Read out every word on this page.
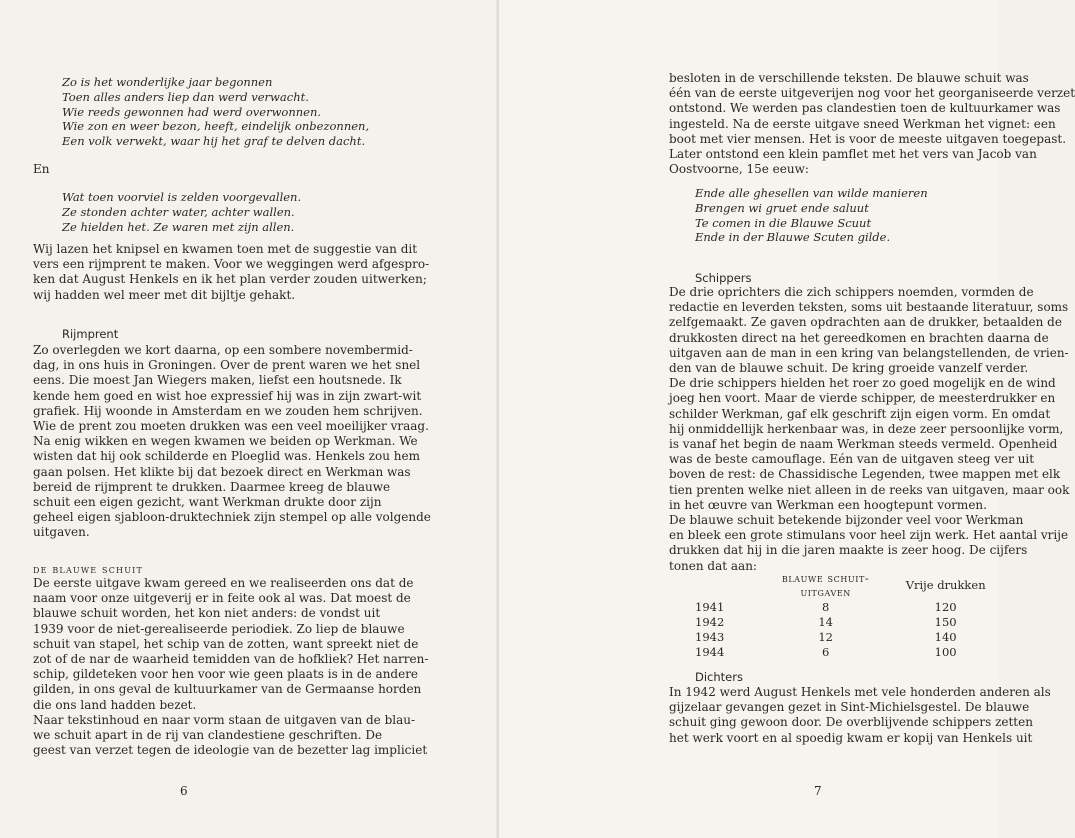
Zo is het wonderlijke jaar begonnen
Toen alles anders liep dan werd verwacht.
Wie reeds gewonnen had werd overwonnen.
Wie zon en weer bezon, heeft, eindelijk onbezonnen,
Een volk verwekt, waar hij het graf te delven dacht.
En
Wat toen voorviel is zelden voorgevallen.
Ze stonden achter water, achter wallen.
Ze hielden het. Ze waren met zijn allen.
Wij lazen het knipsel en kwamen toen met de suggestie van dit
vers een rijmprent te maken. Voor we weggingen werd afgespro-
ken dat August Henkels en ik het plan verder zouden uitwerken;
wij hadden wel meer met dit bijltje gehakt.
Rijmprent
Zo overlegden we kort daarna, op een sombere novembermid-
dag, in ons huis in Groningen. Over de prent waren we het snel
eens. Die moest Jan Wiegers maken, liefst een houtsnede. Ik
kende hem goed en wist hoe expressief hij was in zijn zwart-wit
grafiek. Hij woonde in Amsterdam en we zouden hem schrijven.
Wie de prent zou moeten drukken was een veel moeilijker vraag.
Na enig wikken en wegen kwamen we beiden op Werkman. We
wisten dat hij ook schilderde en Ploeglid was. Henkels zou hem
gaan polsen. Het klikte bij dat bezoek direct en Werkman was
bereid de rijmprent te drukken. Daarmee kreeg de blauwe
schuit een eigen gezicht, want Werkman drukte door zijn
geheel eigen sjabloon-druktechniek zijn stempel op alle volgende
uitgaven.
de blauwe schuit
De eerste uitgave kwam gereed en we realiseerden ons dat de
naam voor onze uitgeverij er in feite ook al was. Dat moest de
blauwe schuit worden, het kon niet anders: de vondst uit
1939 voor de niet-gerealiseerde periodiek. Zo liep de blauwe
schuit van stapel, het schip van de zotten, want spreekt niet de
zot of de nar de waarheid temidden van de hofkliek? Het narren-
schip, gildeteken voor hen voor wie geen plaats is in de andere
gilden, in ons geval de kultuurkamer van de Germaanse horden
die ons land hadden bezet.
Naar tekstinhoud en naar vorm staan de uitgaven van de blau-
we schuit apart in de rij van clandestiene geschriften. De
geest van verzet tegen de ideologie van de bezetter lag impliciet
6
besloten in de verschillende teksten. De blauwe schuit was
één van de eerste uitgeverijen nog voor het georganiseerde verzet
ontstond. We werden pas clandestien toen de kultuurkamer was
ingesteld. Na de eerste uitgave sneed Werkman het vignet: een
boot met vier mensen. Het is voor de meeste uitgaven toegepast.
Later ontstond een klein pamflet met het vers van Jacob van
Oostvoorne, 15e eeuw:
Ende alle ghesellen van wilde manieren
Brengen wi gruet ende saluut
Te comen in die Blauwe Scuut
Ende in der Blauwe Scuten gilde.
Schippers
De drie oprichters die zich schippers noemden, vormden de
redactie en leverden teksten, soms uit bestaande literatuur, soms
zelfgemaakt. Ze gaven opdrachten aan de drukker, betaalden de
drukkosten direct na het gereedkomen en brachten daarna de
uitgaven aan de man in een kring van belangstellenden, de vrien-
den van de blauwe schuit. De kring groeide vanzelf verder.
De drie schippers hielden het roer zo goed mogelijk en de wind
joeg hen voort. Maar de vierde schipper, de meesterdrukker en
schilder Werkman, gaf elk geschrift zijn eigen vorm. En omdat
hij onmiddellijk herkenbaar was, in deze zeer persoonlijke vorm,
is vanaf het begin de naam Werkman steeds vermeld. Openheid
was de beste camouflage. Eén van de uitgaven steeg ver uit
boven de rest: de Chassidische Legenden, twee mappen met elk
tien prenten welke niet alleen in de reeks van uitgaven, maar ook
in het œuvre van Werkman een hoogtepunt vormen.
De blauwe schuit betekende bijzonder veel voor Werkman
en bleek een grote stimulans voor heel zijn werk. Het aantal vrije
drukken dat hij in die jaren maakte is zeer hoog. De cijfers
tonen dat aan:
	blauwe schuit-uitgaven	Vrije drukken
1941	8	120
1942	14	150
1943	12	140
1944	6	100
Dichters
In 1942 werd August Henkels met vele honderden anderen als
gijzelaar gevangen gezet in Sint-Michielsgestel. De blauwe
schuit ging gewoon door. De overblijvende schippers zetten
het werk voort en al spoedig kwam er kopij van Henkels uit
7
